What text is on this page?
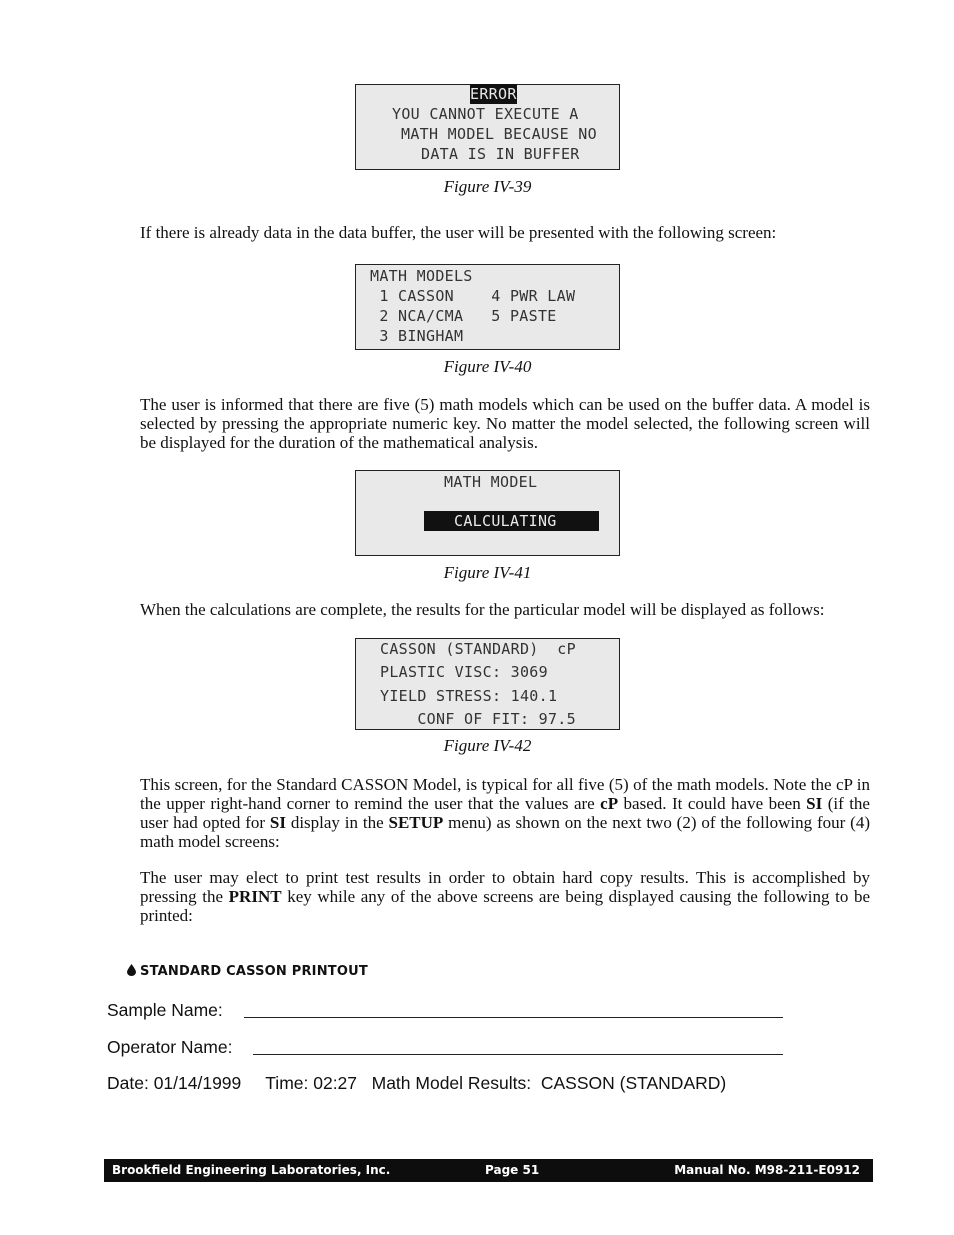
ERROR
YOU CANNOT EXECUTE A
MATH MODEL BECAUSE NO
DATA IS IN BUFFER
Figure IV-39
If there is already data in the data buffer, the user will be presented with the following screen:
MATH MODELS
1 CASSON    4 PWR LAW
2 NCA/CMA   5 PASTE
3 BINGHAM
Figure IV-40
The user is informed that there are five (5) math models which can be used on the buffer data. A model is selected by pressing the appropriate numeric key. No matter the model selected, the following screen will be displayed for the duration of the mathematical analysis.
MATH MODEL
CALCULATING
Figure IV-41
When the calculations are complete, the results for the particular model will be displayed as follows:
CASSON (STANDARD)  cP
PLASTIC VISC: 3069
YIELD STRESS: 140.1
CONF OF FIT: 97.5
Figure IV-42
This screen, for the Standard CASSON Model, is typical for all five (5) of the math models. Note the cP in the upper right-hand corner to remind the user that the values are cP based. It could have been SI (if the user had opted for SI display in the SETUP menu) as shown on the next two (2) of the following four (4) math model screens:
The user may elect to print test results in order to obtain hard copy results. This is accomplished by pressing the PRINT key while any of the above screens are being displayed causing the following to be printed:
STANDARD CASSON PRINTOUT
Sample Name:
Operator Name:
Date: 01/14/1999     Time: 02:27   Math Model Results:  CASSON (STANDARD)
Brookfield Engineering Laboratories, Inc.	Page 51	Manual No. M98-211-E0912
